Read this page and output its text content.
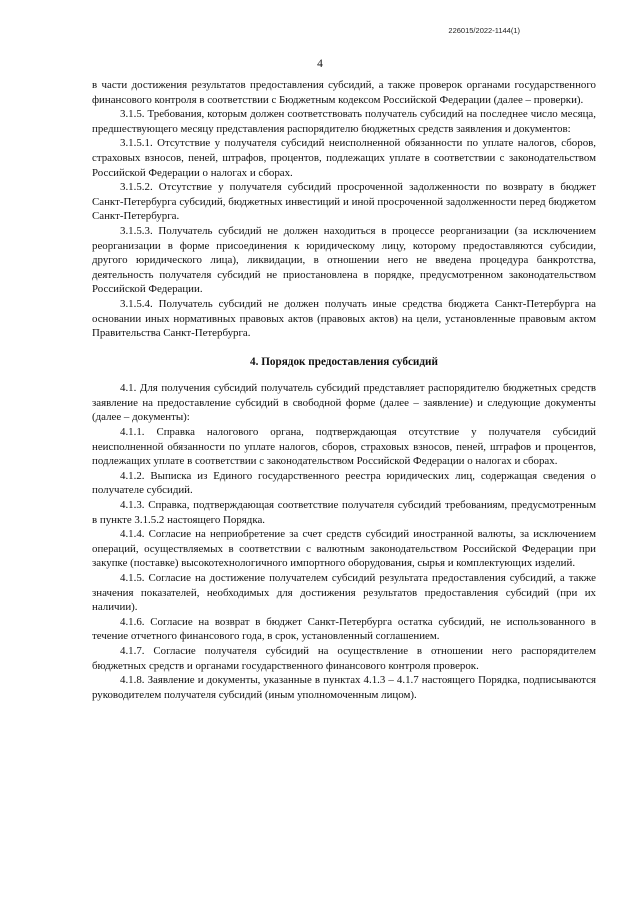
226015/2022-1144(1)
4

в части достижения результатов предоставления субсидий, а также проверок органами государственного финансового контроля в соответствии с Бюджетным кодексом Российской Федерации (далее – проверки).

3.1.5. Требования, которым должен соответствовать получатель субсидий на последнее число месяца, предшествующего месяцу представления распорядителю бюджетных средств заявления и документов:

3.1.5.1. Отсутствие у получателя субсидий неисполненной обязанности по уплате налогов, сборов, страховых взносов, пеней, штрафов, процентов, подлежащих уплате в соответствии с законодательством Российской Федерации о налогах и сборах.

3.1.5.2. Отсутствие у получателя субсидий просроченной задолженности по возврату в бюджет Санкт-Петербурга субсидий, бюджетных инвестиций и иной просроченной задолженности перед бюджетом Санкт-Петербурга.

3.1.5.3. Получатель субсидий не должен находиться в процессе реорганизации (за исключением реорганизации в форме присоединения к юридическому лицу, которому предоставляются субсидии, другого юридического лица), ликвидации, в отношении него не введена процедура банкротства, деятельность получателя субсидий не приостановлена в порядке, предусмотренном законодательством Российской Федерации.

3.1.5.4. Получатель субсидий не должен получать иные средства бюджета Санкт-Петербурга на основании иных нормативных правовых актов (правовых актов) на цели, установленные правовым актом Правительства Санкт-Петербурга.

4. Порядок предоставления субсидий

4.1. Для получения субсидий получатель субсидий представляет распорядителю бюджетных средств заявление на предоставление субсидий в свободной форме (далее – заявление) и следующие документы (далее – документы):

4.1.1. Справка налогового органа, подтверждающая отсутствие у получателя субсидий неисполненной обязанности по уплате налогов, сборов, страховых взносов, пеней, штрафов и процентов, подлежащих уплате в соответствии с законодательством Российской Федерации о налогах и сборах.

4.1.2. Выписка из Единого государственного реестра юридических лиц, содержащая сведения о получателе субсидий.

4.1.3. Справка, подтверждающая соответствие получателя субсидий требованиям, предусмотренным в пункте 3.1.5.2 настоящего Порядка.

4.1.4. Согласие на неприобретение за счет средств субсидий иностранной валюты, за исключением операций, осуществляемых в соответствии с валютным законодательством Российской Федерации при закупке (поставке) высокотехнологичного импортного оборудования, сырья и комплектующих изделий.

4.1.5. Согласие на достижение получателем субсидий результата предоставления субсидий, а также значения показателей, необходимых для достижения результатов предоставления субсидий (при их наличии).

4.1.6. Согласие на возврат в бюджет Санкт-Петербурга остатка субсидий, не использованного в течение отчетного финансового года, в срок, установленный соглашением.

4.1.7. Согласие получателя субсидий на осуществление в отношении него распорядителем бюджетных средств и органами государственного финансового контроля проверок.

4.1.8. Заявление и документы, указанные в пунктах 4.1.3 – 4.1.7 настоящего Порядка, подписываются руководителем получателя субсидий (иным уполномоченным лицом).
